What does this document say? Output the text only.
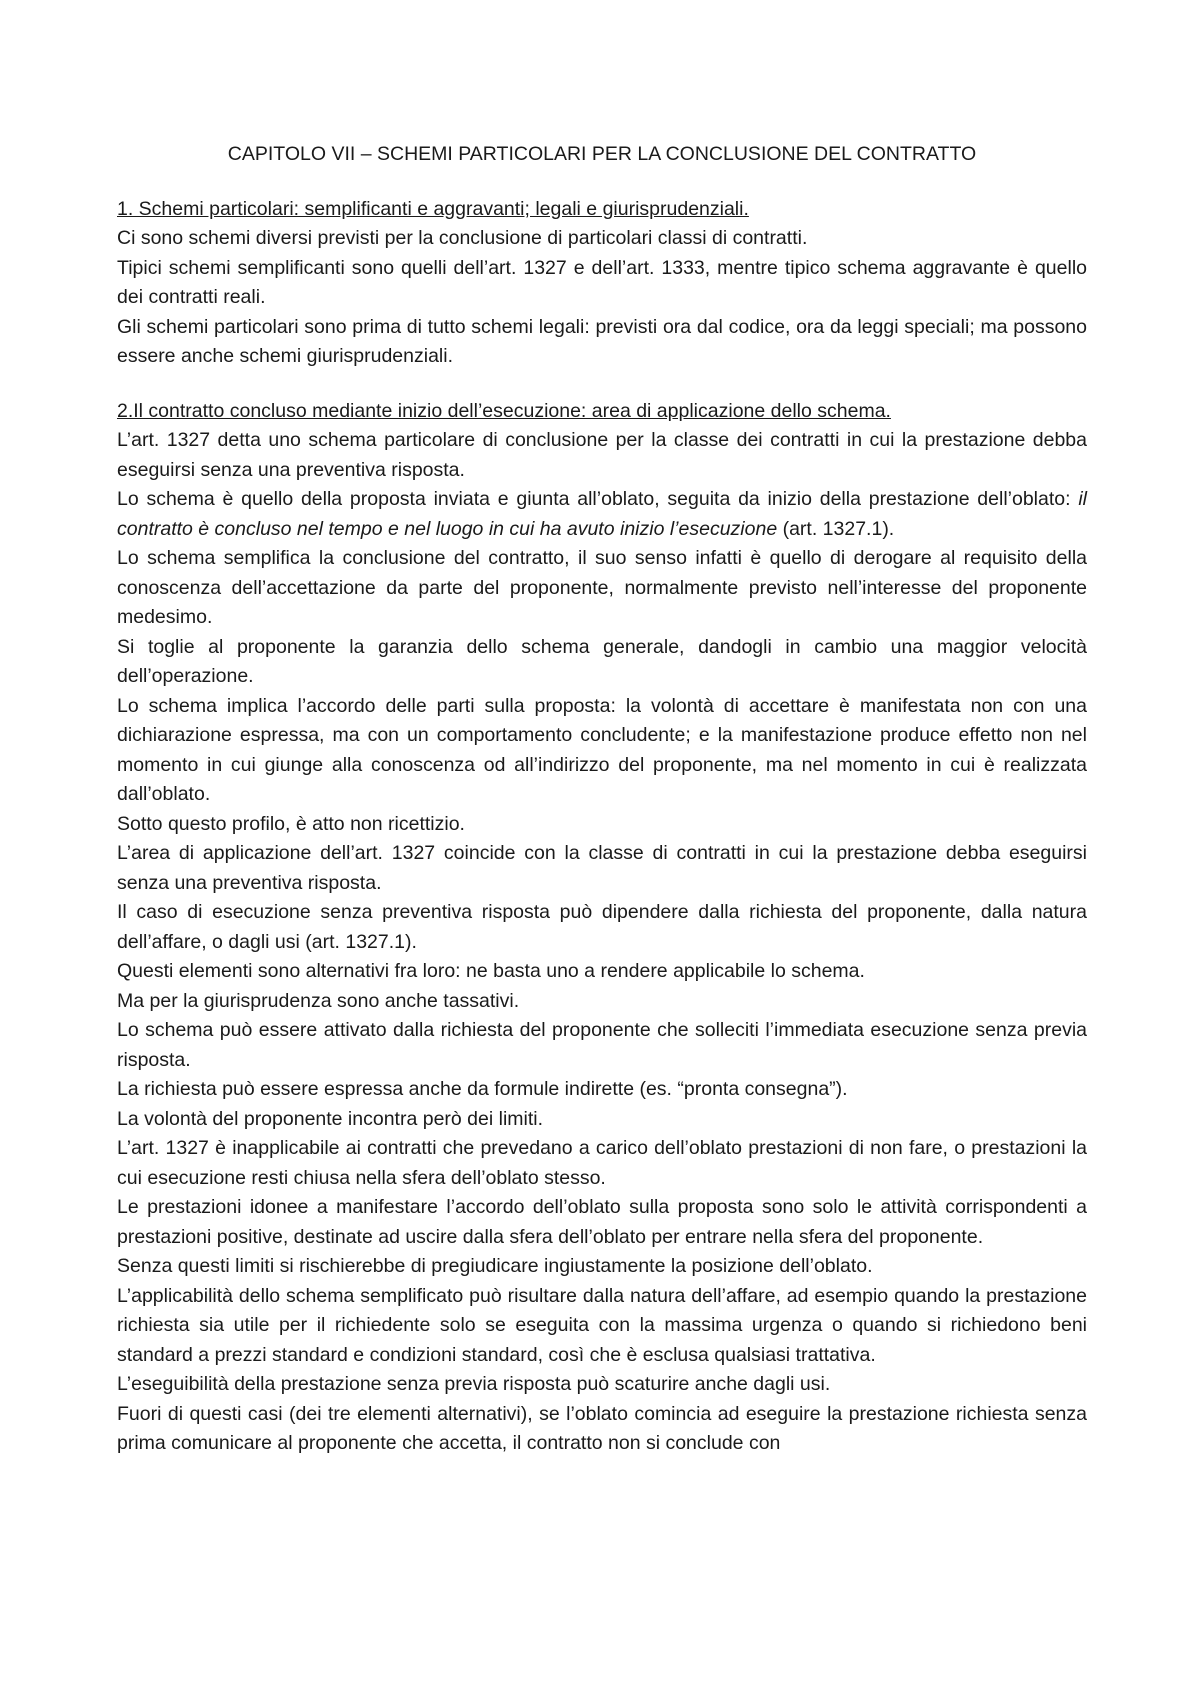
CAPITOLO VII – SCHEMI PARTICOLARI PER LA CONCLUSIONE DEL CONTRATTO
1. Schemi particolari: semplificanti e aggravanti; legali e giurisprudenziali.
Ci sono schemi diversi previsti per la conclusione di particolari classi di contratti.
Tipici schemi semplificanti sono quelli dell’art. 1327 e dell’art. 1333, mentre tipico schema aggravante è quello dei contratti reali.
Gli schemi particolari sono prima di tutto schemi legali: previsti ora dal codice, ora da leggi speciali; ma possono essere anche schemi giurisprudenziali.
2.Il contratto concluso mediante inizio dell’esecuzione: area di applicazione dello schema.
L’art. 1327 detta uno schema particolare di conclusione per la classe dei contratti in cui la prestazione debba eseguirsi senza una preventiva risposta.
Lo schema è quello della proposta inviata e giunta all’oblato, seguita da inizio della prestazione dell’oblato: il contratto è concluso nel tempo e nel luogo in cui ha avuto inizio l’esecuzione (art. 1327.1).
Lo schema semplifica la conclusione del contratto, il suo senso infatti è quello di derogare al requisito della conoscenza dell’accettazione da parte del proponente, normalmente previsto nell’interesse del proponente medesimo.
Si toglie al proponente la garanzia dello schema generale, dandogli in cambio una maggior velocità dell’operazione.
Lo schema implica l’accordo delle parti sulla proposta: la volontà di accettare è manifestata non con una dichiarazione espressa, ma con un comportamento concludente; e la manifestazione produce effetto non nel momento in cui giunge alla conoscenza od all’indirizzo del proponente, ma nel momento in cui è realizzata dall’oblato.
Sotto questo profilo, è atto non ricettizio.
L’area di applicazione dell’art. 1327 coincide con la classe di contratti in cui la prestazione debba eseguirsi senza una preventiva risposta.
Il caso di esecuzione senza preventiva risposta può dipendere dalla richiesta del proponente, dalla natura dell’affare, o dagli usi (art. 1327.1).
Questi elementi sono alternativi fra loro: ne basta uno a rendere applicabile lo schema.
Ma per la giurisprudenza sono anche tassativi.
Lo schema può essere attivato dalla richiesta del proponente che solleciti l’immediata esecuzione senza previa risposta.
La richiesta può essere espressa anche da formule indirette (es. “pronta consegna”).
La volontà del proponente incontra però dei limiti.
L’art. 1327 è inapplicabile ai contratti che prevedano a carico dell’oblato prestazioni di non fare, o prestazioni la cui esecuzione resti chiusa nella sfera dell’oblato stesso.
Le prestazioni idonee a manifestare l’accordo dell’oblato sulla proposta sono solo le attività corrispondenti a prestazioni positive, destinate ad uscire dalla sfera dell’oblato per entrare nella sfera del proponente.
Senza questi limiti si rischierebbe di pregiudicare ingiustamente la posizione dell’oblato.
L’applicabilità dello schema semplificato può risultare dalla natura dell’affare, ad esempio quando la prestazione richiesta sia utile per il richiedente solo se eseguita con la massima urgenza o quando si richiedono beni standard a prezzi standard e condizioni standard, così che è esclusa qualsiasi trattativa.
L’eseguibilità della prestazione senza previa risposta può scaturire anche dagli usi.
Fuori di questi casi (dei tre elementi alternativi), se l’oblato comincia ad eseguire la prestazione richiesta senza prima comunicare al proponente che accetta, il contratto non si conclude con
